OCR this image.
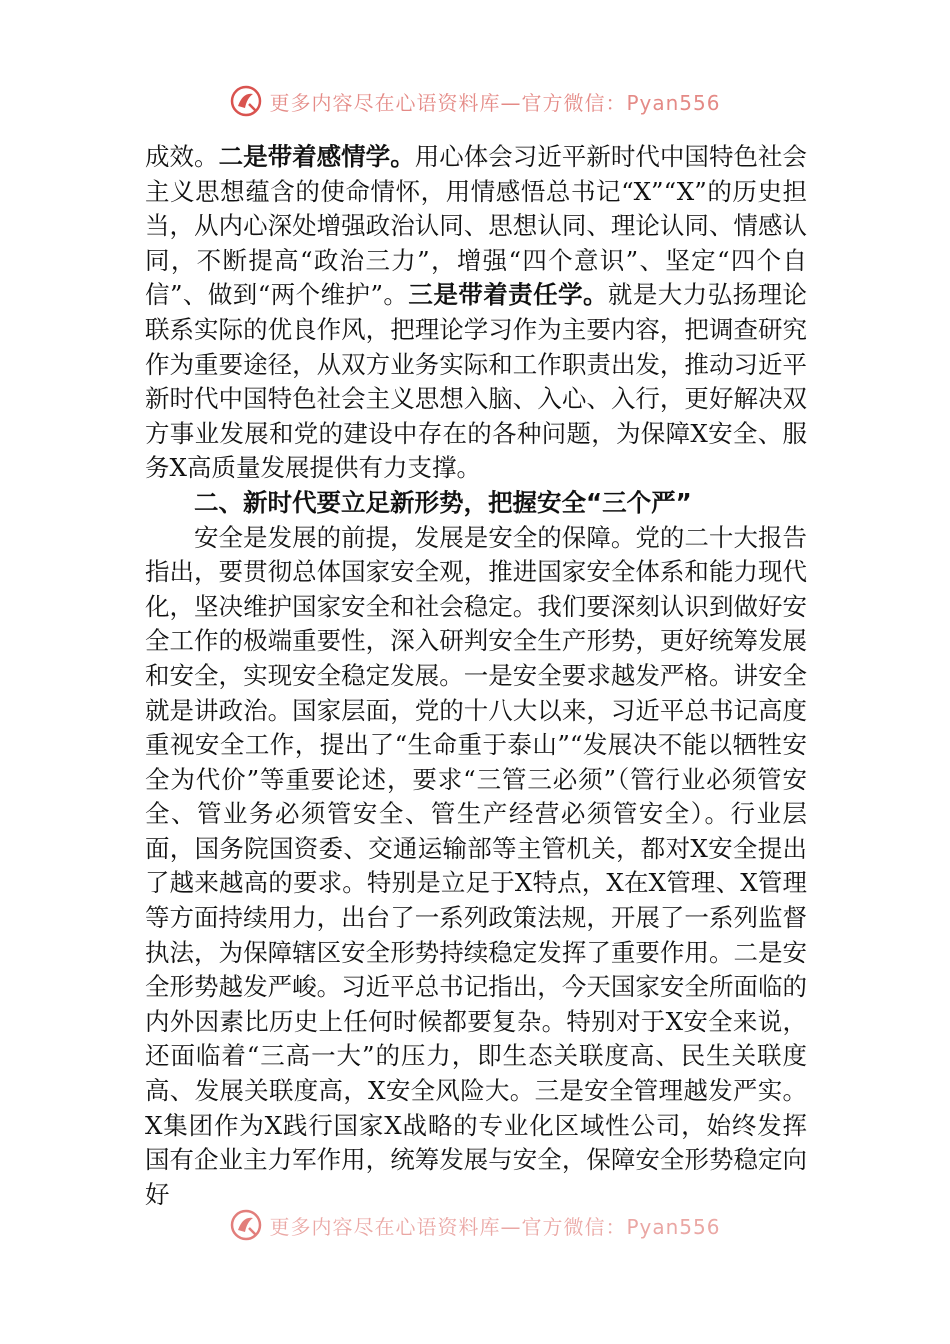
更多内容尽在心语资料库—官方微信：Pyan556

成效。二是带着感情学。用心体会习近平新时代中国特色社会主义思想蕴含的使命情怀，用情感悟总书记“X”“X”的历史担当，从内心深处增强政治认同、思想认同、理论认同、情感认同，不断提高“政治三力”，增强“四个意识”、坚定“四个自信”、做到“两个维护”。三是带着责任学。就是大力弘扬理论联系实际的优良作风，把理论学习作为主要内容，把调查研究作为重要途径，从双方业务实际和工作职责出发，推动习近平新时代中国特色社会主义思想入脑、入心、入行，更好解决双方事业发展和党的建设中存在的各种问题，为保障X安全、服务X高质量发展提供有力支撑。

二、新时代要立足新形势，把握安全“三个严”

安全是发展的前提，发展是安全的保障。党的二十大报告指出，要贯彻总体国家安全观，推进国家安全体系和能力现代化，坚决维护国家安全和社会稳定。我们要深刻认识到做好安全工作的极端重要性，深入研判安全生产形势，更好统筹发展和安全，实现安全稳定发展。一是安全要求越发严格。讲安全就是讲政治。国家层面，党的十八大以来，习近平总书记高度重视安全工作，提出了“生命重于泰山”“发展决不能以牺牲安全为代价”等重要论述，要求“三管三必须”（管行业必须管安全、管业务必须管安全、管生产经营必须管安全）。行业层面，国务院国资委、交通运输部等主管机关，都对X安全提出了越来越高的要求。特别是立足于X特点，X在X管理、X管理等方面持续用力，出台了一系列政策法规，开展了一系列监督执法，为保障辖区安全形势持续稳定发挥了重要作用。二是安全形势越发严峻。习近平总书记指出，今天国家安全所面临的内外因素比历史上任何时候都要复杂。特别对于X安全来说，还面临着“三高一大”的压力，即生态关联度高、民生关联度高、发展关联度高，X安全风险大。三是安全管理越发严实。X集团作为X践行国家X战略的专业化区域性公司，始终发挥国有企业主力军作用，统筹发展与安全，保障安全形势稳定向好

更多内容尽在心语资料库—官方微信：Pyan556
